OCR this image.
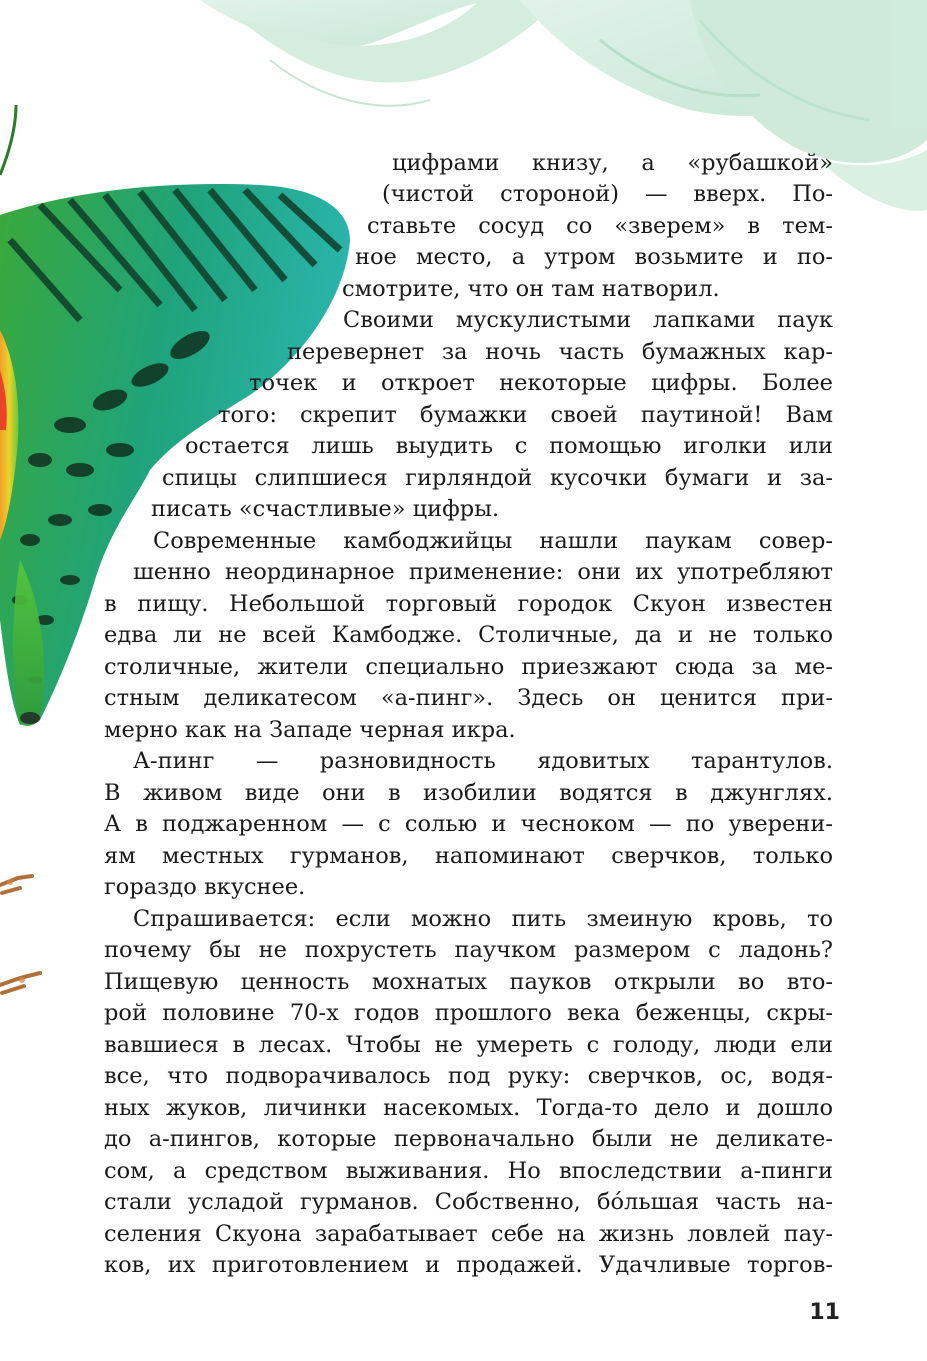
цифрами книзу, а «рубашкой»
(чистой стороной) — вверх. По-
ставьте сосуд со «зверем» в тем-
ное место, а утром возьмите и по-
смотрите, что он там натворил.
Своими мускулистыми лапками паук
перевернет за ночь часть бумажных кар-
точек и откроет некоторые цифры. Более
того: скрепит бумажки своей паутиной! Вам
остается лишь выудить с помощью иголки или
спицы слипшиеся гирляндой кусочки бумаги и за-
писать «счастливые» цифры.
Современные камбоджийцы нашли паукам совер-
шенно неординарное применение: они их употребляют
в пищу. Небольшой торговый городок Скуон известен
едва ли не всей Камбодже. Столичные, да и не только
столичные, жители специально приезжают сюда за ме-
стным деликатесом «а-пинг». Здесь он ценится при-
мерно как на Западе черная икра.
А-пинг — разновидность ядовитых тарантулов.
В живом виде они в изобилии водятся в джунглях.
А в поджаренном — с солью и чесноком — по уверени-
ям местных гурманов, напоминают сверчков, только
гораздо вкуснее.
Спрашивается: если можно пить змеиную кровь, то
почему бы не похрустеть паучком размером с ладонь?
Пищевую ценность мохнатых пауков открыли во вто-
рой половине 70-х годов прошлого века беженцы, скры-
вавшиеся в лесах. Чтобы не умереть с голоду, люди ели
все, что подворачивалось под руку: сверчков, ос, водя-
ных жуков, личинки насекомых. Тогда-то дело и дошло
до а-пингов, которые первоначально были не деликате-
сом, а средством выживания. Но впоследствии а-пинги
стали усладой гурманов. Собственно, бóльшая часть на-
селения Скуона зарабатывает себе на жизнь ловлей пау-
ков, их приготовлением и продажей. Удачливые торгов-
11
